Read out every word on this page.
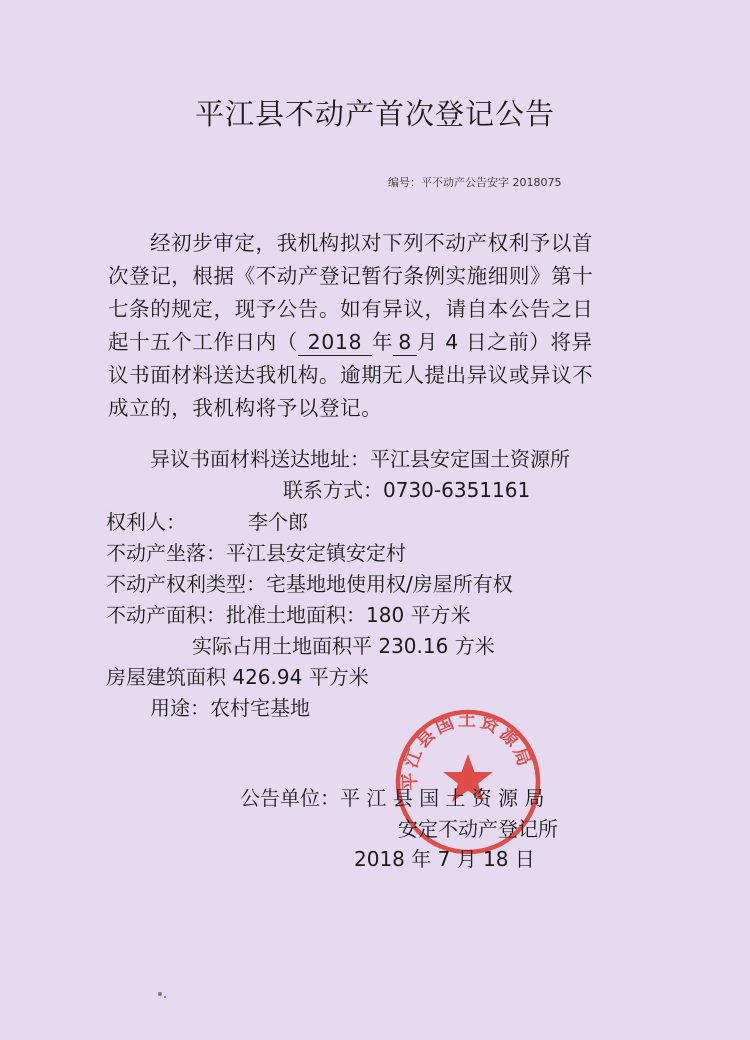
平江县不动产首次登记公告
编号：平不动产公告安字 2018075
经初步审定，我机构拟对下列不动产权利予以首
次登记，根据《不动产登记暂行条例实施细则》第十
七条的规定，现予公告。如有异议，请自本公告之日
起十五个工作日内（ 2018 年 8 月 4 日之前）将异
议书面材料送达我机构。逾期无人提出异议或异议不
成立的，我机构将予以登记。
异议书面材料送达地址：平江县安定国土资源所
联系方式：0730-6351161
权利人：	李个郎
不动产坐落：平江县安定镇安定村
不动产权利类型：宅基地地使用权/房屋所有权
不动产面积：批准土地面积：180 平方米
实际占用土地面积平 230.16 方米
房屋建筑面积 426.94 平方米
用途：农村宅基地
平江县国土资源局
公告单位：平 江 县 国 土 资 源 局
安定不动产登记所
2018 年 7 月 18 日
